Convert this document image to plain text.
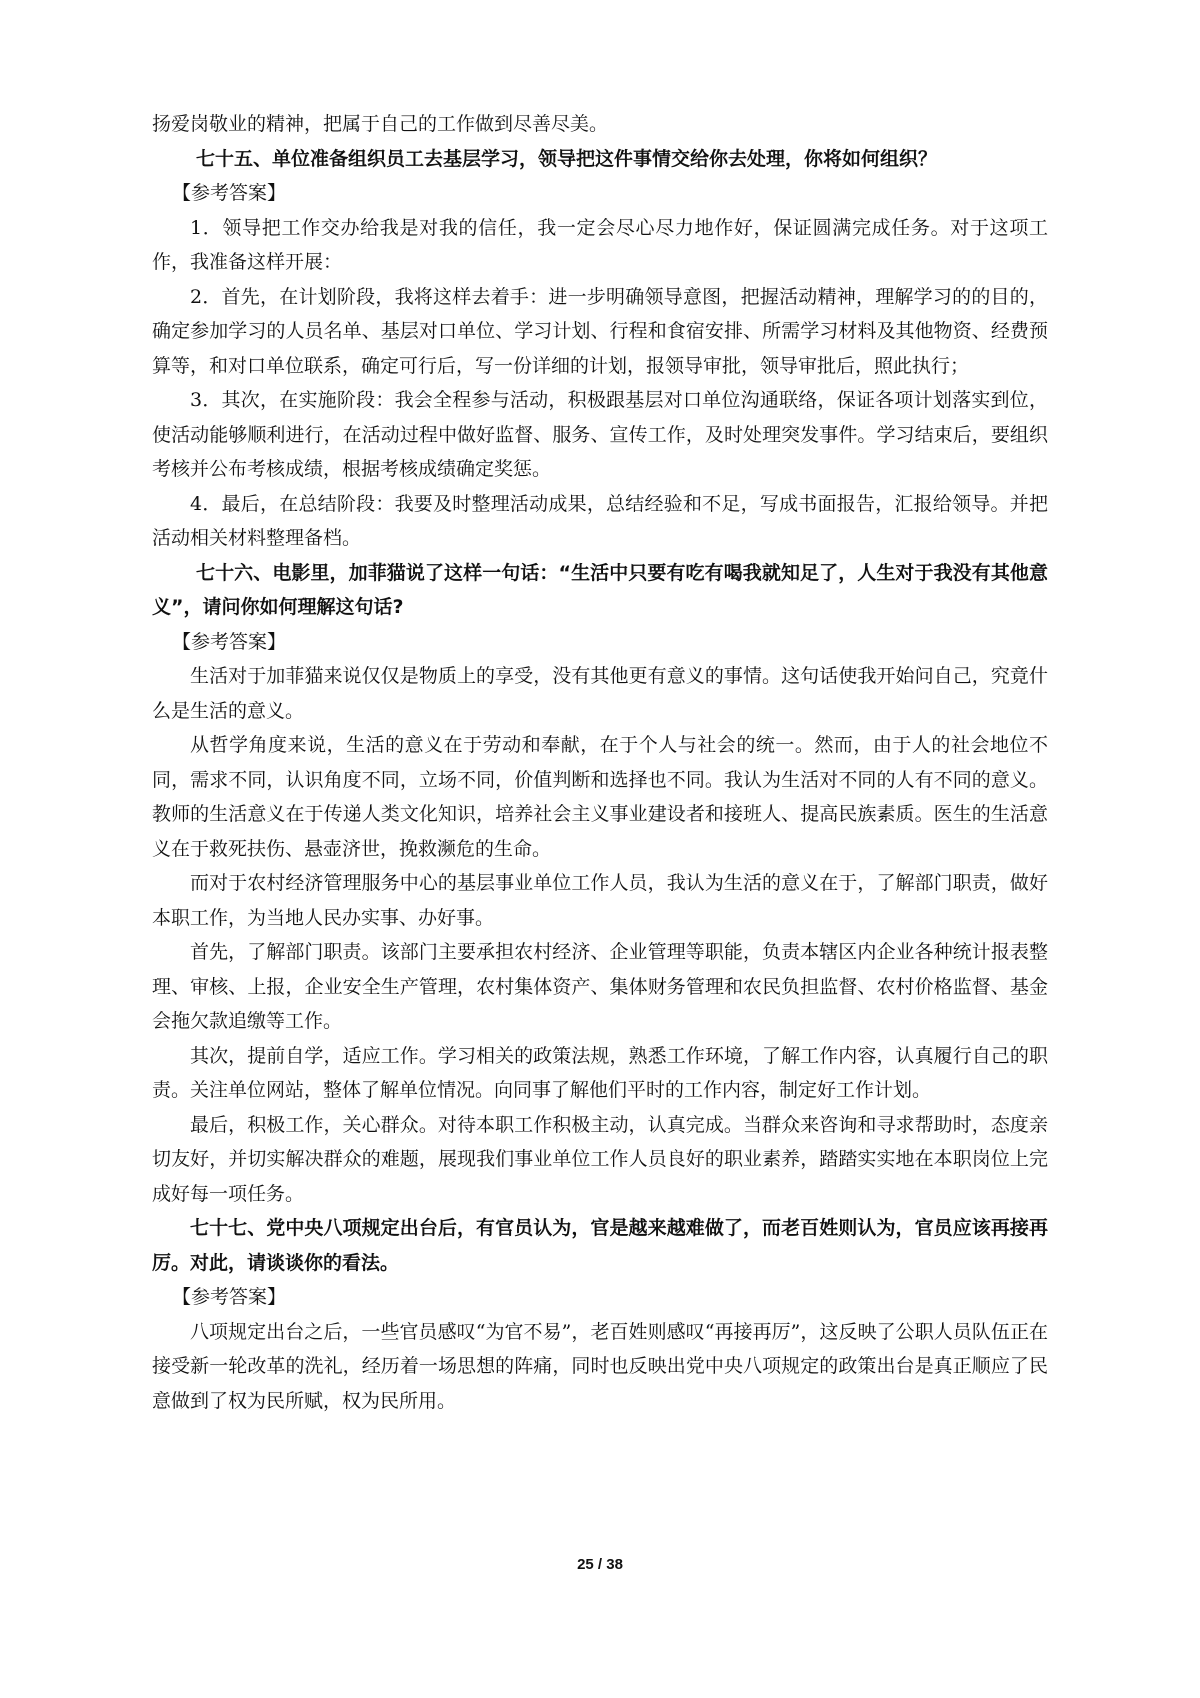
扬爱岗敬业的精神，把属于自己的工作做到尽善尽美。

七十五、单位准备组织员工去基层学习，领导把这件事情交给你去处理，你将如何组织？

【参考答案】

1．领导把工作交办给我是对我的信任，我一定会尽心尽力地作好，保证圆满完成任务。对于这项工作，我准备这样开展：

2．首先，在计划阶段，我将这样去着手：进一步明确领导意图，把握活动精神，理解学习的的目的，确定参加学习的人员名单、基层对口单位、学习计划、行程和食宿安排、所需学习材料及其他物资、经费预算等，和对口单位联系，确定可行后，写一份详细的计划，报领导审批，领导审批后，照此执行；

3．其次，在实施阶段：我会全程参与活动，积极跟基层对口单位沟通联络，保证各项计划落实到位，使活动能够顺利进行，在活动过程中做好监督、服务、宣传工作，及时处理突发事件。学习结束后，要组织考核并公布考核成绩，根据考核成绩确定奖惩。

4．最后，在总结阶段：我要及时整理活动成果，总结经验和不足，写成书面报告，汇报给领导。并把活动相关材料整理备档。

七十六、电影里，加菲猫说了这样一句话：“生活中只要有吃有喝我就知足了，人生对于我没有其他意义”，请问你如何理解这句话?

【参考答案】

生活对于加菲猫来说仅仅是物质上的享受，没有其他更有意义的事情。这句话使我开始问自己，究竟什么是生活的意义。

从哲学角度来说，生活的意义在于劳动和奉献，在于个人与社会的统一。然而，由于人的社会地位不同，需求不同，认识角度不同，立场不同，价值判断和选择也不同。我认为生活对不同的人有不同的意义。教师的生活意义在于传递人类文化知识，培养社会主义事业建设者和接班人、提高民族素质。医生的生活意义在于救死扶伤、悬壶济世，挽救濒危的生命。

而对于农村经济管理服务中心的基层事业单位工作人员，我认为生活的意义在于，了解部门职责，做好本职工作，为当地人民办实事、办好事。

首先，了解部门职责。该部门主要承担农村经济、企业管理等职能，负责本辖区内企业各种统计报表整理、审核、上报，企业安全生产管理，农村集体资产、集体财务管理和农民负担监督、农村价格监督、基金会拖欠款追缴等工作。

其次，提前自学，适应工作。学习相关的政策法规，熟悉工作环境，了解工作内容，认真履行自己的职责。关注单位网站，整体了解单位情况。向同事了解他们平时的工作内容，制定好工作计划。

最后，积极工作，关心群众。对待本职工作积极主动，认真完成。当群众来咨询和寻求帮助时，态度亲切友好，并切实解决群众的难题，展现我们事业单位工作人员良好的职业素养，踏踏实实地在本职岗位上完成好每一项任务。

七十七、党中央八项规定出台后，有官员认为，官是越来越难做了，而老百姓则认为，官员应该再接再厉。对此，请谈谈你的看法。

【参考答案】

八项规定出台之后，一些官员感叹“为官不易”，老百姓则感叹“再接再厉”，这反映了公职人员队伍正在接受新一轮改革的洗礼，经历着一场思想的阵痛，同时也反映出党中央八项规定的政策出台是真正顺应了民意做到了权为民所赋，权为民所用。

25 / 38
